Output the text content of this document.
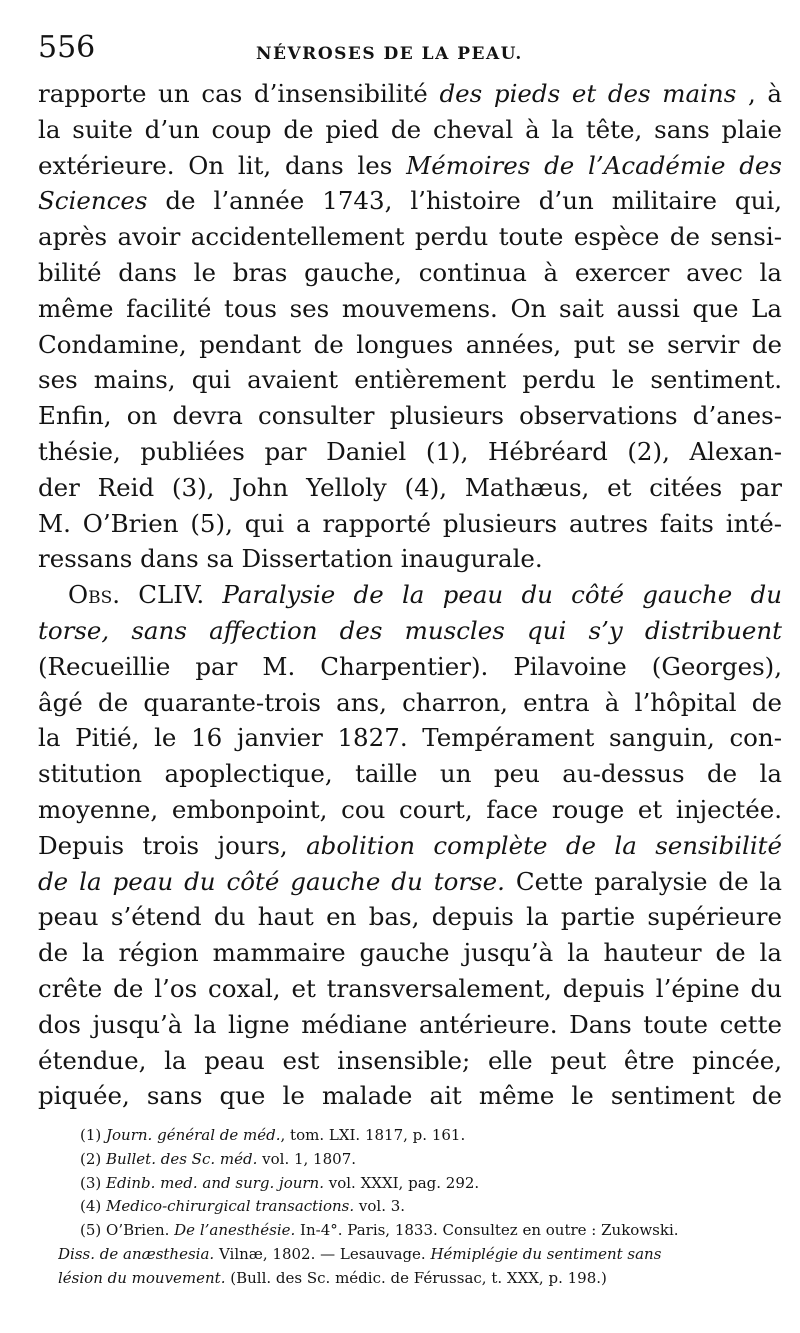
556	NÉVROSES DE LA PEAU.
rapporte un cas d’insensibilité des pieds et des mains , à
la suite d’un coup de pied de cheval à la tête, sans plaie
extérieure. On lit, dans les Mémoires de l’Académie des
Sciences de l’année 1743, l’histoire d’un militaire qui,
après avoir accidentellement perdu toute espèce de sensi-
bilité dans le bras gauche, continua à exercer avec la
même facilité tous ses mouvemens. On sait aussi que La
Condamine, pendant de longues années, put se servir de
ses mains, qui avaient entièrement perdu le sentiment.
Enfin, on devra consulter plusieurs observations d’anes-
thésie, publiées par Daniel (1), Hébréard (2), Alexan-
der Reid (3), John Yelloly (4), Mathæus, et citées par
M. O’Brien (5), qui a rapporté plusieurs autres faits inté-
ressans dans sa Dissertation inaugurale.
Obs. CLIV. Paralysie de la peau du côté gauche du
torse, sans affection des muscles qui s’y distribuent
(Recueillie par M. Charpentier). Pilavoine (Georges),
âgé de quarante-trois ans, charron, entra à l’hôpital de
la Pitié, le 16 janvier 1827. Tempérament sanguin, con-
stitution apoplectique, taille un peu au-dessus de la
moyenne, embonpoint, cou court, face rouge et injectée.
Depuis trois jours, abolition complète de la sensibilité
de la peau du côté gauche du torse. Cette paralysie de la
peau s’étend du haut en bas, depuis la partie supérieure
de la région mammaire gauche jusqu’à la hauteur de la
crête de l’os coxal, et transversalement, depuis l’épine du
dos jusqu’à la ligne médiane antérieure. Dans toute cette
étendue, la peau est insensible; elle peut être pincée,
piquée, sans que le malade ait même le sentiment de
(1) Journ. général de méd., tom. LXI. 1817, p. 161.
(2) Bullet. des Sc. méd. vol. 1, 1807.
(3) Edinb. med. and surg. journ. vol. XXXI, pag. 292.
(4) Medico-chirurgical transactions. vol. 3.
(5) O’Brien. De l’anesthésie. In-4°. Paris, 1833. Consultez en outre : Zukowski.
Diss. de anæsthesia. Vilnæ, 1802. — Lesauvage. Hémiplégie du sentiment sans
lésion du mouvement. (Bull. des Sc. médic. de Férussac, t. XXX, p. 198.)
